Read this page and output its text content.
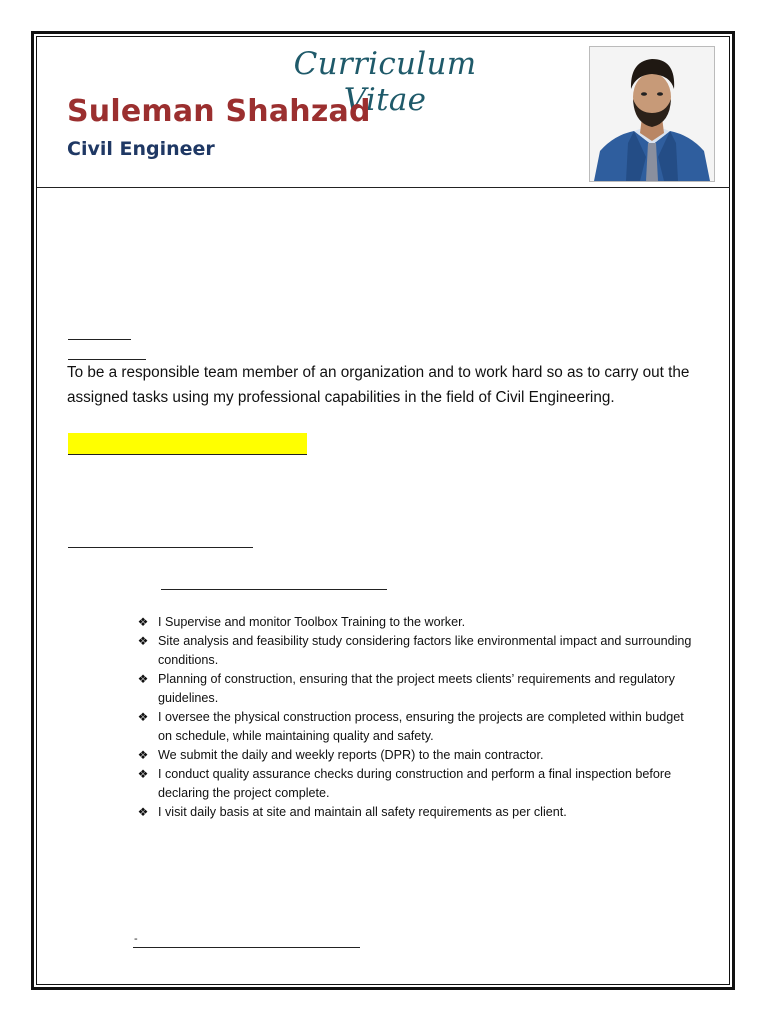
Curriculum Vitae
Suleman Shahzad
Civil Engineer
To be a responsible team member of an organization and to work hard so as to carry out the assigned tasks using my professional capabilities in the field of Civil Engineering.
❖ I Supervise and monitor Toolbox Training to the worker.
❖ Site analysis and feasibility study considering factors like environmental impact and surrounding conditions.
❖ Planning of construction, ensuring that the project meets clients’ requirements and regulatory guidelines.
❖ I oversee the physical construction process, ensuring the projects are completed within budget on schedule, while maintaining quality and safety.
❖ We submit the daily and weekly reports (DPR) to the main contractor.
❖ I conduct quality assurance checks during construction and perform a final inspection before declaring the project complete.
❖ I visit daily basis at site and maintain all safety requirements as per client.
-
